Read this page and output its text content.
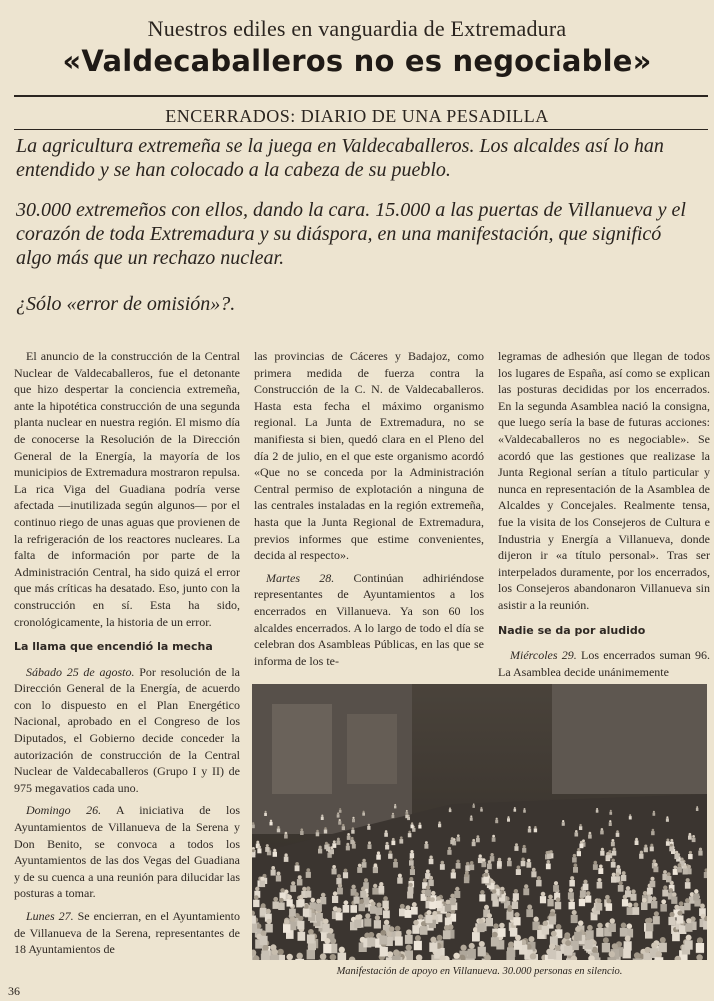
Nuestros ediles en vanguardia de Extremadura
«Valdecaballeros no es negociable»
ENCERRADOS: DIARIO DE UNA PESADILLA
La agricultura extremeña se la juega en Valdecaballeros. Los alcaldes así lo han entendido y se han colocado a la cabeza de su pueblo.
30.000 extremeños con ellos, dando la cara. 15.000 a las puertas de Villanueva y el corazón de toda Extremadura y su diáspora, en una manifestación, que significó algo más que un rechazo nuclear.
¿Sólo «error de omisión»?.

El anuncio de la construcción de la Central Nuclear de Valdecaballeros, fue el detonante que hizo despertar la conciencia extremeña, ante la hipotética construcción de una segunda planta nuclear en nuestra región. El mismo día de conocerse la Resolución de la Dirección General de la Energía, la mayoría de los municipios de Extremadura mostraron repulsa. La rica Viga del Guadiana podría verse afectada —inutilizada según algunos— por el continuo riego de unas aguas que provienen de la refrigeración de los reactores nucleares. La falta de información por parte de la Administración Central, ha sido quizá el error que más críticas ha desatado. Eso, junto con la construcción en sí. Esta ha sido, cronológicamente, la historia de un error.

La llama que encendió la mecha

Sábado 25 de agosto. Por resolución de la Dirección General de la Energía, de acuerdo con lo dispuesto en el Plan Energético Nacional, aprobado en el Congreso de los Diputados, el Gobierno decide conceder la autorización de construcción de la Central Nuclear de Valdecaballeros (Grupo I y II) de 975 megavatios cada uno.

Domingo 26. A iniciativa de los Ayuntamientos de Villanueva de la Serena y Don Benito, se convoca a todos los Ayuntamientos de las dos Vegas del Guadiana y de su cuenca a una reunión para dilucidar las posturas a tomar.

Lunes 27. Se encierran, en el Ayuntamiento de Villanueva de la Serena, representantes de 18 Ayuntamientos de

las provincias de Cáceres y Badajoz, como primera medida de fuerza contra la Construcción de la C. N. de Valdecaballeros. Hasta esta fecha el máximo organismo regional. La Junta de Extremadura, no se manifiesta si bien, quedó clara en el Pleno del día 2 de julio, en el que este organismo acordó «Que no se conceda por la Administración Central permiso de explotación a ninguna de las centrales instaladas en la región extremeña, hasta que la Junta Regional de Extremadura, previos informes que estime convenientes, decida al respecto».

Martes 28. Continúan adhiriéndose representantes de Ayuntamientos a los encerrados en Villanueva. Ya son 60 los alcaldes encerrados. A lo largo de todo el día se celebran dos Asambleas Públicas, en las que se informa de los te-

legramas de adhesión que llegan de todos los lugares de España, así como se explican las posturas decididas por los encerrados. En la segunda Asamblea nació la consigna, que luego sería la base de futuras acciones: «Valdecaballeros no es negociable». Se acordó que las gestiones que realizase la Junta Regional serían a título particular y nunca en representación de la Asamblea de Alcaldes y Concejales. Realmente tensa, fue la visita de los Consejeros de Cultura e Industria y Energía a Villanueva, donde dijeron ir «a título personal». Tras ser interpelados duramente, por los encerrados, los Consejeros abandonaron Villanueva sin asistir a la reunión.

Nadie se da por aludido

Miércoles 29. Los encerrados suman 96. La Asamblea decide unánimemente

Manifestación de apoyo en Villanueva. 30.000 personas en silencio.
36
